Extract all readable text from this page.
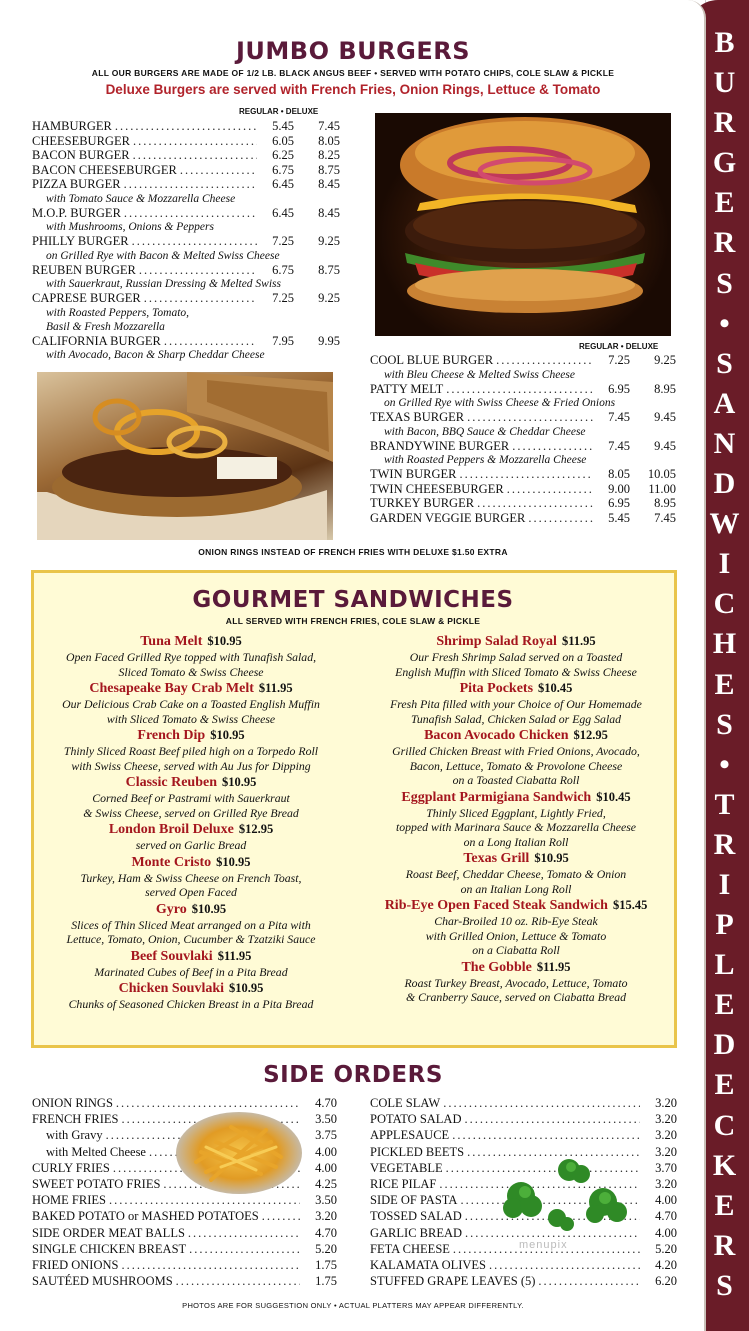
B
U
R
G
E
R
S
•
S
A
N
D
W
I
C
H
E
S
•
T
R
I
P
L
E
D
E
C
K
E
R
S
JUMBO BURGERS
ALL OUR BURGERS ARE MADE OF 1/2 LB. BLACK ANGUS BEEF • SERVED WITH POTATO CHIPS, COLE SLAW & PICKLE
Deluxe Burgers are served with French Fries, Onion Rings, Lettuce & Tomato
REGULAR • DELUXE
HAMBURGER .....	5.45	7.45
CHEESEBURGER .....	6.05	8.05
BACON BURGER .....	6.25	8.25
BACON CHEESEBURGER .....	6.75	8.75
PIZZA BURGER .....	6.45	8.45
with Tomato Sauce & Mozzarella Cheese
M.O.P. BURGER .....	6.45	8.45
with Mushrooms, Onions & Peppers
PHILLY BURGER .....	7.25	9.25
on Grilled Rye with Bacon & Melted Swiss Cheese
REUBEN BURGER .....	6.75	8.75
with Sauerkraut, Russian Dressing & Melted Swiss
CAPRESE BURGER .....	7.25	9.25
with Roasted Peppers, Tomato,
Basil & Fresh Mozzarella
CALIFORNIA BURGER .....	7.95	9.95
with Avocado, Bacon & Sharp Cheddar Cheese
REGULAR • DELUXE
COOL BLUE BURGER .....	7.25	9.25
with Bleu Cheese & Melted Swiss Cheese
PATTY MELT .....	6.95	8.95
on Grilled Rye with Swiss Cheese & Fried Onions
TEXAS BURGER .....	7.45	9.45
with Bacon, BBQ Sauce & Cheddar Cheese
BRANDYWINE BURGER .....	7.45	9.45
with Roasted Peppers & Mozzarella Cheese
TWIN BURGER .....	8.05	10.05
TWIN CHEESEBURGER .....	9.00	11.00
TURKEY BURGER .....	6.95	8.95
GARDEN VEGGIE BURGER .....	5.45	7.45
ONION RINGS INSTEAD OF FRENCH FRIES WITH DELUXE $1.50 EXTRA
GOURMET SANDWICHES
ALL SERVED WITH FRENCH FRIES, COLE SLAW & PICKLE
Tuna Melt $10.95
Open Faced Grilled Rye topped with Tunafish Salad,
Sliced Tomato & Swiss Cheese
Chesapeake Bay Crab Melt $11.95
Our Delicious Crab Cake on a Toasted English Muffin
with Sliced Tomato & Swiss Cheese
French Dip $10.95
Thinly Sliced Roast Beef piled high on a Torpedo Roll
with Swiss Cheese, served with Au Jus for Dipping
Classic Reuben $10.95
Corned Beef or Pastrami with Sauerkraut
& Swiss Cheese, served on Grilled Rye Bread
London Broil Deluxe $12.95
served on Garlic Bread
Monte Cristo $10.95
Turkey, Ham & Swiss Cheese on French Toast,
served Open Faced
Gyro $10.95
Slices of Thin Sliced Meat arranged on a Pita with
Lettuce, Tomato, Onion, Cucumber & Tzatziki Sauce
Beef Souvlaki $11.95
Marinated Cubes of Beef in a Pita Bread
Chicken Souvlaki $10.95
Chunks of Seasoned Chicken Breast in a Pita Bread
Shrimp Salad Royal $11.95
Our Fresh Shrimp Salad served on a Toasted
English Muffin with Sliced Tomato & Swiss Cheese
Pita Pockets $10.45
Fresh Pita filled with your Choice of Our Homemade
Tunafish Salad, Chicken Salad or Egg Salad
Bacon Avocado Chicken $12.95
Grilled Chicken Breast with Fried Onions, Avocado,
Bacon, Lettuce, Tomato & Provolone Cheese
on a Toasted Ciabatta Roll
Eggplant Parmigiana Sandwich $10.45
Thinly Sliced Eggplant, Lightly Fried,
topped with Marinara Sauce & Mozzarella Cheese
on a Long Italian Roll
Texas Grill $10.95
Roast Beef, Cheddar Cheese, Tomato & Onion
on an Italian Long Roll
Rib-Eye Open Faced Steak Sandwich $15.45
Char-Broiled 10 oz. Rib-Eye Steak
with Grilled Onion, Lettuce & Tomato
on a Ciabatta Roll
The Gobble $11.95
Roast Turkey Breast, Avocado, Lettuce, Tomato
& Cranberry Sauce, served on Ciabatta Bread
SIDE ORDERS
ONION RINGS .....	4.70
FRENCH FRIES .....	3.50
with Gravy .....	3.75
with Melted Cheese .....	4.00
CURLY FRIES .....	4.00
SWEET POTATO FRIES .....	4.25
HOME FRIES .....	3.50
BAKED POTATO or MASHED POTATOES .....	3.20
SIDE ORDER MEAT BALLS .....	4.70
SINGLE CHICKEN BREAST .....	5.20
FRIED ONIONS .....	1.75
SAUTÉED MUSHROOMS .....	1.75
COLE SLAW .....	3.20
POTATO SALAD .....	3.20
APPLESAUCE .....	3.20
PICKLED BEETS .....	3.20
VEGETABLE .....	3.70
RICE PILAF .....	3.20
SIDE OF PASTA .....	4.00
TOSSED SALAD .....	4.70
GARLIC BREAD .....	4.00
FETA CHEESE .....	5.20
KALAMATA OLIVES .....	4.20
STUFFED GRAPE LEAVES (5) .....	6.20
menupix
PHOTOS ARE FOR SUGGESTION ONLY • ACTUAL PLATTERS MAY APPEAR DIFFERENTLY.
